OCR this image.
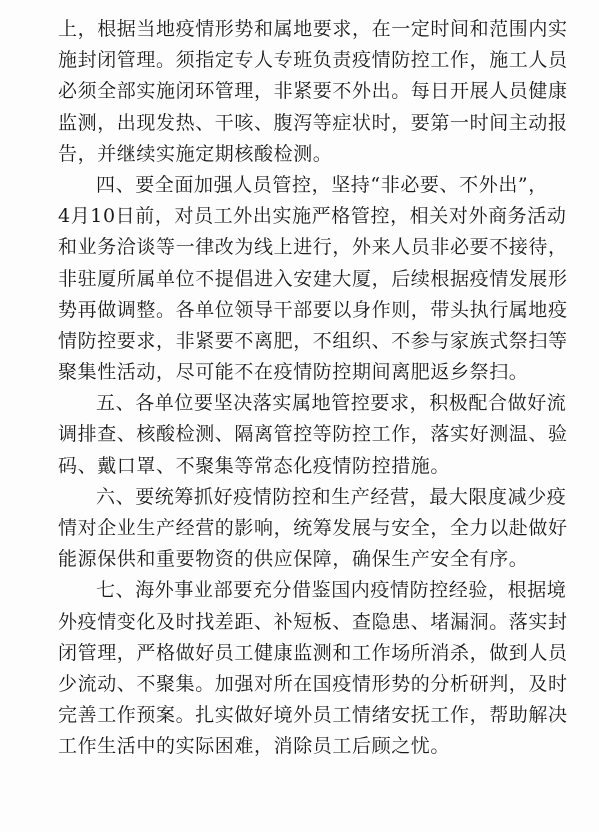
上，根据当地疫情形势和属地要求，在一定时间和范围内实
施封闭管理。须指定专人专班负责疫情防控工作，施工人员
必须全部实施闭环管理，非紧要不外出。每日开展人员健康
监测，出现发热、干咳、腹泻等症状时，要第一时间主动报
告，并继续实施定期核酸检测。
四、要全面加强人员管控，坚持“非必要、不外出”，
4月10日前，对员工外出实施严格管控，相关对外商务活动
和业务洽谈等一律改为线上进行，外来人员非必要不接待，
非驻厦所属单位不提倡进入安建大厦，后续根据疫情发展形
势再做调整。各单位领导干部要以身作则，带头执行属地疫
情防控要求，非紧要不离肥，不组织、不参与家族式祭扫等
聚集性活动，尽可能不在疫情防控期间离肥返乡祭扫。
五、各单位要坚决落实属地管控要求，积极配合做好流
调排查、核酸检测、隔离管控等防控工作，落实好测温、验
码、戴口罩、不聚集等常态化疫情防控措施。
六、要统筹抓好疫情防控和生产经营，最大限度减少疫
情对企业生产经营的影响，统筹发展与安全，全力以赴做好
能源保供和重要物资的供应保障，确保生产安全有序。
七、海外事业部要充分借鉴国内疫情防控经验，根据境
外疫情变化及时找差距、补短板、查隐患、堵漏洞。落实封
闭管理，严格做好员工健康监测和工作场所消杀，做到人员
少流动、不聚集。加强对所在国疫情形势的分析研判，及时
完善工作预案。扎实做好境外员工情绪安抚工作，帮助解决
工作生活中的实际困难，消除员工后顾之忧。
